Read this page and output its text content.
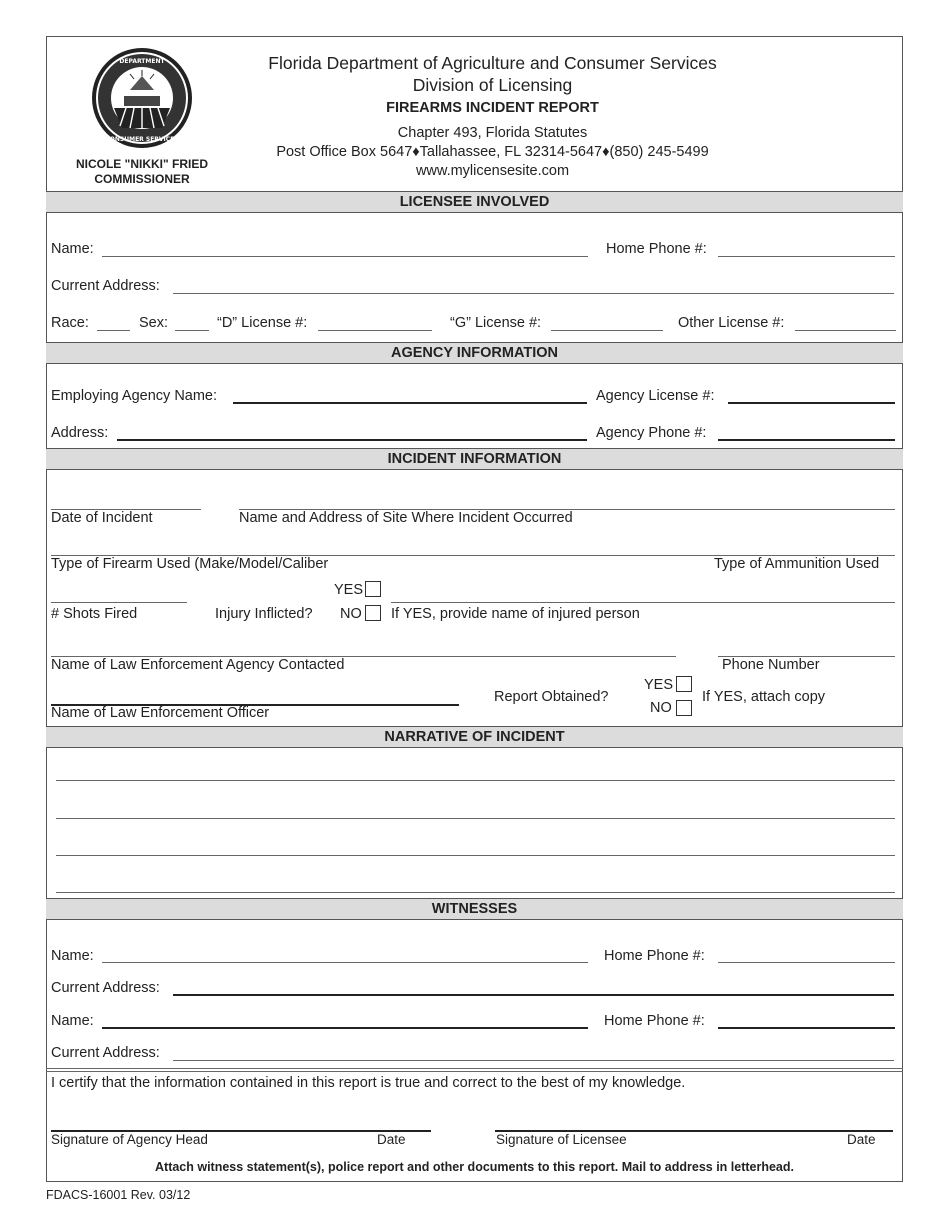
DEPARTMENT
CONSUMER SERVICES
NICOLE "NIKKI" FRIED
COMMISSIONER
Florida Department of Agriculture and Consumer Services
Division of Licensing
FIREARMS INCIDENT REPORT
Chapter 493, Florida Statutes
Post Office Box 5647♦Tallahassee, FL 32314-5647♦(850) 245-5499
www.mylicensesite.com
LICENSEE INVOLVED
Name:	Home Phone #:
Current Address:
Race:	Sex:	“D” License #:	“G” License #:	Other License #:
AGENCY INFORMATION
Employing Agency Name:	Agency License #:
Address:	Agency Phone #:
INCIDENT INFORMATION
Date of Incident	Name and Address of Site Where Incident Occurred
Type of Firearm Used (Make/Model/Caliber	Type of Ammunition Used
# Shots Fired	Injury Inflicted?
YES
NO If YES, provide name of injured person
Name of Law Enforcement Agency Contacted	Phone Number
Name of Law Enforcement Officer
Report Obtained?
YES
NO
If YES, attach copy
NARRATIVE OF INCIDENT
WITNESSES
Name:	Home Phone #:
Current Address:
Name:	Home Phone #:
Current Address:
I certify that the information contained in this report is true and correct to the best of my knowledge.
Signature of Agency Head	Date	Signature of Licensee	Date
Attach witness statement(s), police report and other documents to this report. Mail to address in letterhead.
FDACS-16001 Rev. 03/12
